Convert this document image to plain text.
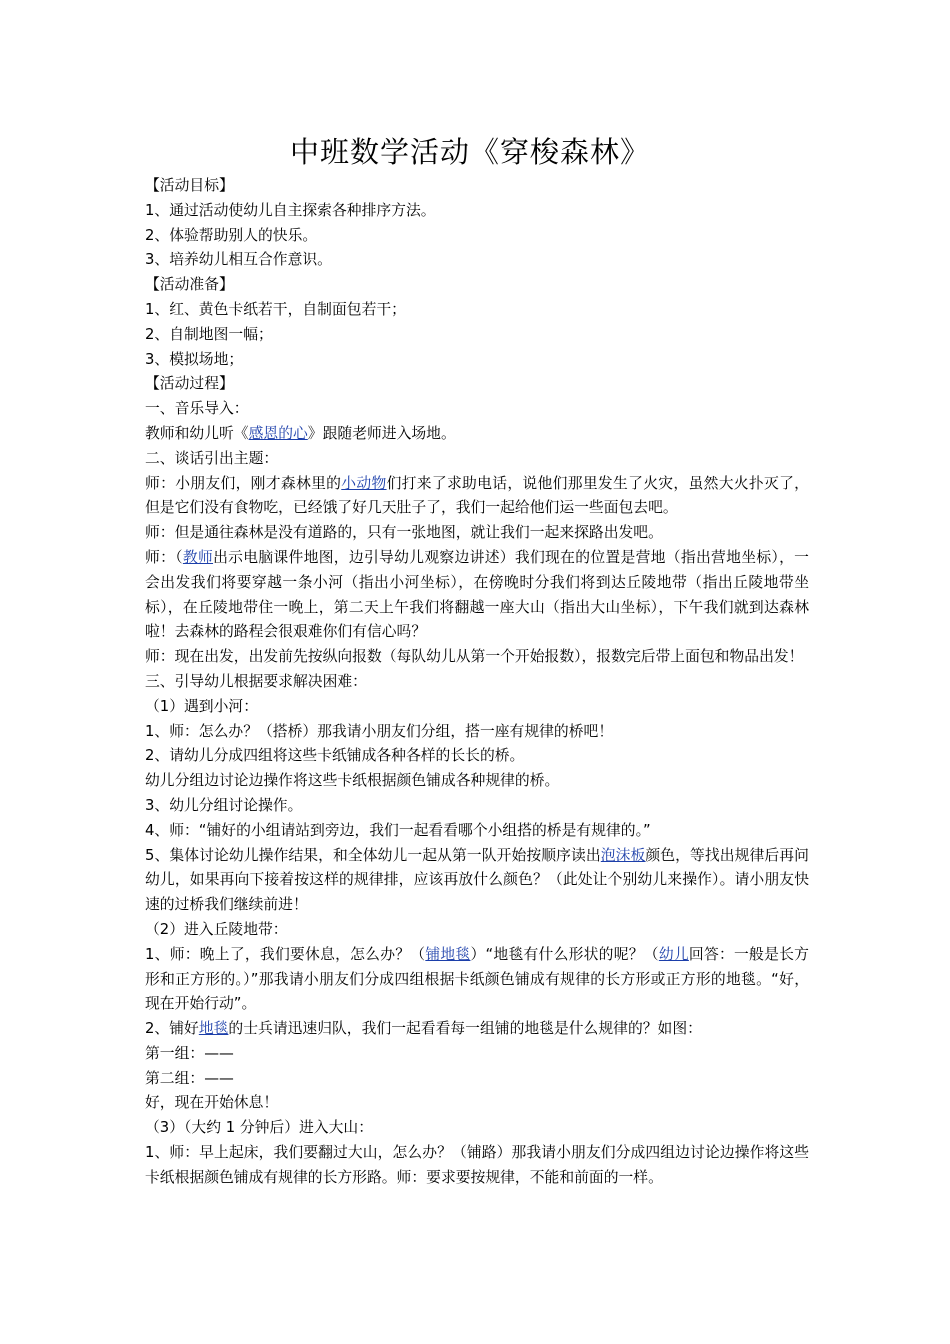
中班数学活动《穿梭森林》

【活动目标】

1、通过活动使幼儿自主探索各种排序方法。

2、体验帮助别人的快乐。

3、培养幼儿相互合作意识。

【活动准备】

1、红、黄色卡纸若干，自制面包若干；

2、自制地图一幅；

3、模拟场地；

【活动过程】

一、音乐导入：

教师和幼儿听《感恩的心》跟随老师进入场地。

二、谈话引出主题：

师：小朋友们，刚才森林里的小动物们打来了求助电话，说他们那里发生了火灾，虽然大火扑灭了，但是它们没有食物吃，已经饿了好几天肚子了，我们一起给他们运一些面包去吧。

师：但是通往森林是没有道路的，只有一张地图，就让我们一起来探路出发吧。

师：（教师出示电脑课件地图，边引导幼儿观察边讲述）我们现在的位置是营地（指出营地坐标），一会出发我们将要穿越一条小河（指出小河坐标），在傍晚时分我们将到达丘陵地带（指出丘陵地带坐标），在丘陵地带住一晚上，第二天上午我们将翻越一座大山（指出大山坐标），下午我们就到达森林啦！去森林的路程会很艰难你们有信心吗？

师：现在出发，出发前先按纵向报数（每队幼儿从第一个开始报数），报数完后带上面包和物品出发！

三、引导幼儿根据要求解决困难：

（1）遇到小河：

1、师：怎么办？（搭桥）那我请小朋友们分组，搭一座有规律的桥吧！

2、请幼儿分成四组将这些卡纸铺成各种各样的长长的桥。

幼儿分组边讨论边操作将这些卡纸根据颜色铺成各种规律的桥。

3、幼儿分组讨论操作。

4、师：“铺好的小组请站到旁边，我们一起看看哪个小组搭的桥是有规律的。”

5、集体讨论幼儿操作结果，和全体幼儿一起从第一队开始按顺序读出泡沫板颜色，等找出规律后再问幼儿，如果再向下接着按这样的规律排，应该再放什么颜色？（此处让个别幼儿来操作）。请小朋友快速的过桥我们继续前进！

（2）进入丘陵地带：

1、师：晚上了，我们要休息，怎么办？（铺地毯）“地毯有什么形状的呢？（幼儿回答：一般是长方形和正方形的。）”那我请小朋友们分成四组根据卡纸颜色铺成有规律的长方形或正方形的地毯。“好，现在开始行动”。

2、铺好地毯的士兵请迅速归队，我们一起看看每一组铺的地毯是什么规律的？如图：

第一组：——

第二组：——

好，现在开始休息！

（3）（大约 1 分钟后）进入大山：

1、师：早上起床，我们要翻过大山，怎么办？（铺路）那我请小朋友们分成四组边讨论边操作将这些卡纸根据颜色铺成有规律的长方形路。师：要求要按规律，不能和前面的一样。
